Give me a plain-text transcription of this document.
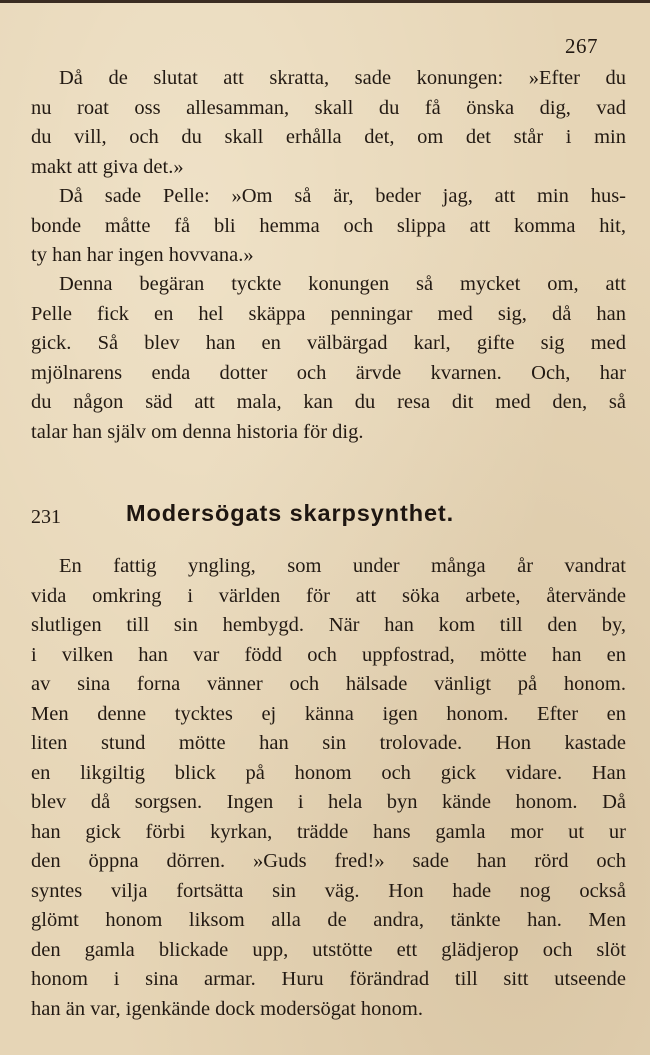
267
Då de slutat att skratta, sade konungen: »Efter du
nu roat oss allesamman, skall du få önska dig, vad
du vill, och du skall erhålla det, om det står i min
makt att giva det.»
Då sade Pelle: »Om så är, beder jag, att min hus-
bonde måtte få bli hemma och slippa att komma hit,
ty han har ingen hovvana.»
Denna begäran tyckte konungen så mycket om, att
Pelle fick en hel skäppa penningar med sig, då han
gick. Så blev han en välbärgad karl, gifte sig med
mjölnarens enda dotter och ärvde kvarnen. Och, har
du någon säd att mala, kan du resa dit med den, så
talar han själv om denna historia för dig.
231	Modersögats skarpsynthet.
En fattig yngling, som under många år vandrat
vida omkring i världen för att söka arbete, återvände
slutligen till sin hembygd. När han kom till den by,
i vilken han var född och uppfostrad, mötte han en
av sina forna vänner och hälsade vänligt på honom.
Men denne tycktes ej känna igen honom. Efter en
liten stund mötte han sin trolovade. Hon kastade
en likgiltig blick på honom och gick vidare. Han
blev då sorgsen. Ingen i hela byn kände honom. Då
han gick förbi kyrkan, trädde hans gamla mor ut ur
den öppna dörren. »Guds fred!» sade han rörd och
syntes vilja fortsätta sin väg. Hon hade nog också
glömt honom liksom alla de andra, tänkte han. Men
den gamla blickade upp, utstötte ett glädjerop och slöt
honom i sina armar. Huru förändrad till sitt utseende
han än var, igenkände dock modersögat honom.
